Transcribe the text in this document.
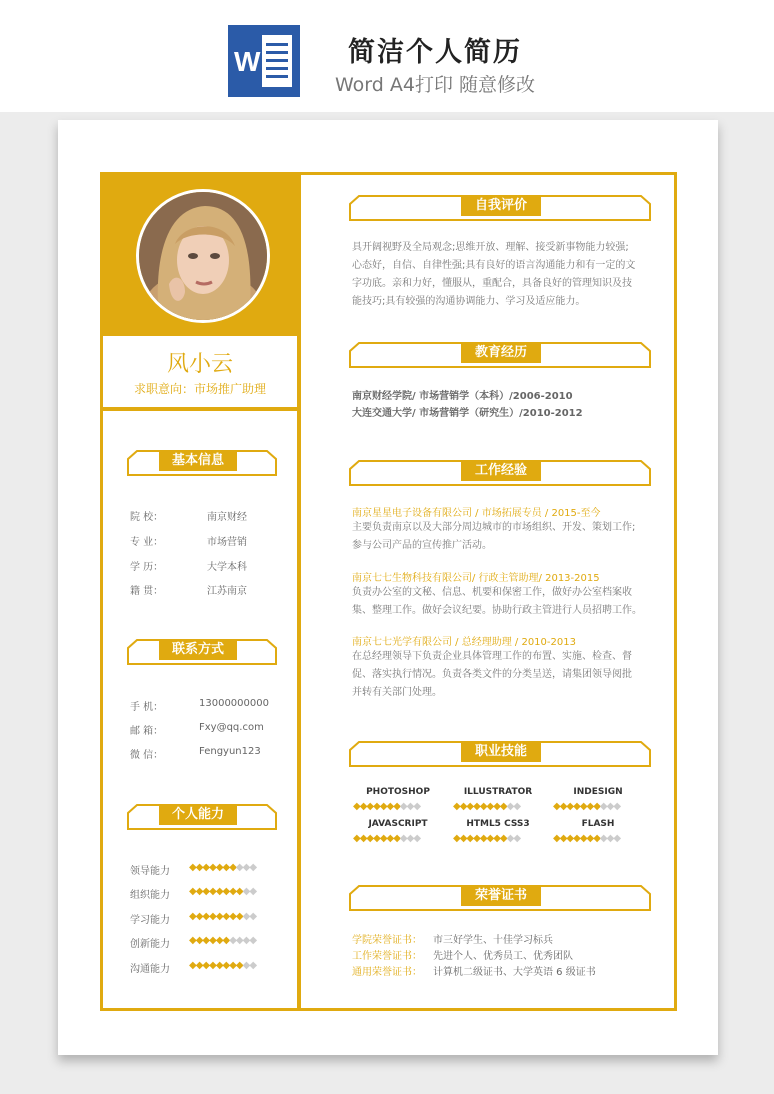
W	简洁个人简历
Word A4打印 随意修改
风小云
求职意向：市场推广助理
基本信息
院 校：	南京财经
专 业：	市场营销
学 历：	大学本科
籍 贯：	江苏南京
联系方式
手 机：	13000000000
邮 箱：	Fxy@qq.com
微 信：	Fengyun123
个人能力
领导能力 ◆◆◆◆◆◆◆◆◆◆
组织能力 ◆◆◆◆◆◆◆◆◆◆
学习能力 ◆◆◆◆◆◆◆◆◆◆
创新能力 ◆◆◆◆◆◆◆◆◆◆
沟通能力 ◆◆◆◆◆◆◆◆◆◆
自我评价
具开阔视野及全局观念;思维开放、理解、接受新事物能力较强;
心态好，自信、自律性强;具有良好的语言沟通能力和有一定的文
字功底。亲和力好，懂服从，重配合，具备良好的管理知识及技
能技巧;具有较强的沟通协调能力、学习及适应能力。
教育经历
南京财经学院/ 市场营销学（本科）/2006-2010
大连交通大学/ 市场营销学（研究生）/2010-2012
工作经验
南京星星电子设备有限公司 / 市场拓展专员 / 2015-至今
主要负责南京以及大部分周边城市的市场组织、开发、策划工作;
参与公司产品的宣传推广活动。
南京七七生物科技有限公司/ 行政主管助理/ 2013-2015
负责办公室的文秘、信息、机要和保密工作，做好办公室档案收
集、整理工作。做好会议纪要。协助行政主管进行人员招聘工作。
南京七七光学有限公司 / 总经理助理 / 2010-2013
在总经理领导下负责企业具体管理工作的布置、实施、检查、督
促、落实执行情况。负责各类文件的分类呈送，请集团领导阅批
并转有关部门处理。
职业技能
PHOTOSHOP
◆◆◆◆◆◆◆◆◆◆
ILLUSTRATOR
◆◆◆◆◆◆◆◆◆◆
INDESIGN
◆◆◆◆◆◆◆◆◆◆
JAVASCRIPT
◆◆◆◆◆◆◆◆◆◆
HTML5 CSS3
◆◆◆◆◆◆◆◆◆◆
FLASH
◆◆◆◆◆◆◆◆◆◆
荣誉证书
学院荣誉证书： 市三好学生、十佳学习标兵
工作荣誉证书： 先进个人、优秀员工、优秀团队
通用荣誉证书： 计算机二级证书、大学英语 6 级证书
